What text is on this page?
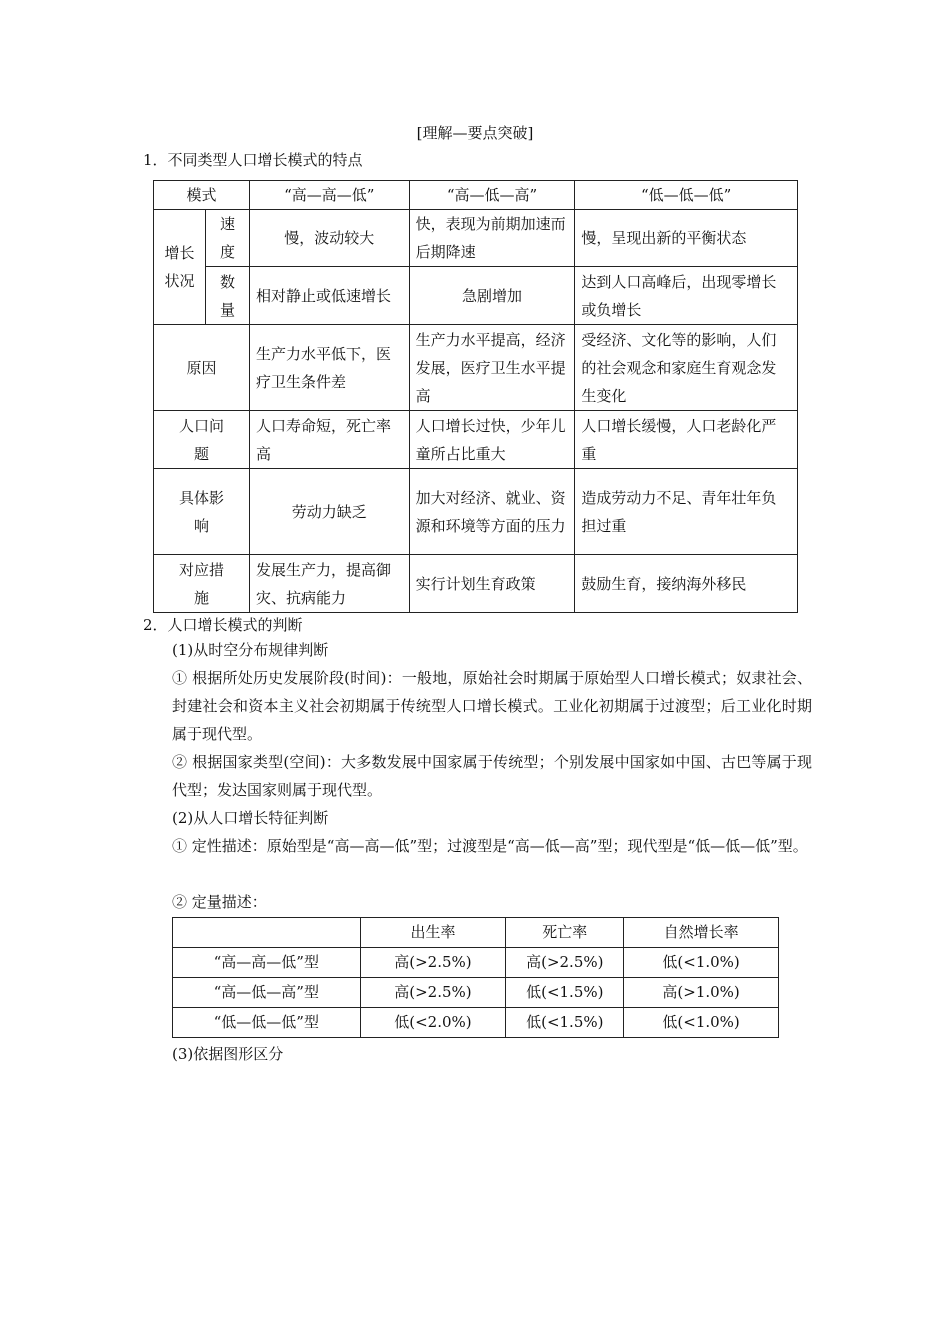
[理解—要点突破]
1．不同类型人口增长模式的特点
模式		“高—高—低”	“高—低—高”	“低—低—低”
增长状况	速度	慢，波动较大	快，表现为前期加速而后期降速	慢，呈现出新的平衡状态
	数量	相对静止或低速增长	急剧增加	达到人口高峰后，出现零增长或负增长
原因		生产力水平低下，医疗卫生条件差	生产力水平提高，经济发展，医疗卫生水平提高	受经济、文化等的影响，人们的社会观念和家庭生育观念发生变化
人口问题		人口寿命短，死亡率高	人口增长过快，少年儿童所占比重大	人口增长缓慢，人口老龄化严重
具体影响		劳动力缺乏	加大对经济、就业、资源和环境等方面的压力	造成劳动力不足、青年壮年负担过重
对应措施		发展生产力，提高御灾、抗病能力	实行计划生育政策	鼓励生育，接纳海外移民
2．人口增长模式的判断
(1)从时空分布规律判断
① 根据所处历史发展阶段(时间)：一般地，原始社会时期属于原始型人口增长模式；奴隶社会、封建社会和资本主义社会初期属于传统型人口增长模式。工业化初期属于过渡型；后工业化时期属于现代型。
② 根据国家类型(空间)：大多数发展中国家属于传统型；个别发展中国家如中国、古巴等属于现代型；发达国家则属于现代型。
(2)从人口增长特征判断
① 定性描述：原始型是“高—高—低”型；过渡型是“高—低—高”型；现代型是“低—低—低”型。
② 定量描述：
	出生率	死亡率	自然增长率
“高—高—低”型	高(>2.5%)	高(>2.5%)	低(<1.0%)
“高—低—高”型	高(>2.5%)	低(<1.5%)	高(>1.0%)
“低—低—低”型	低(<2.0%)	低(<1.5%)	低(<1.0%)
(3)依据图形区分
